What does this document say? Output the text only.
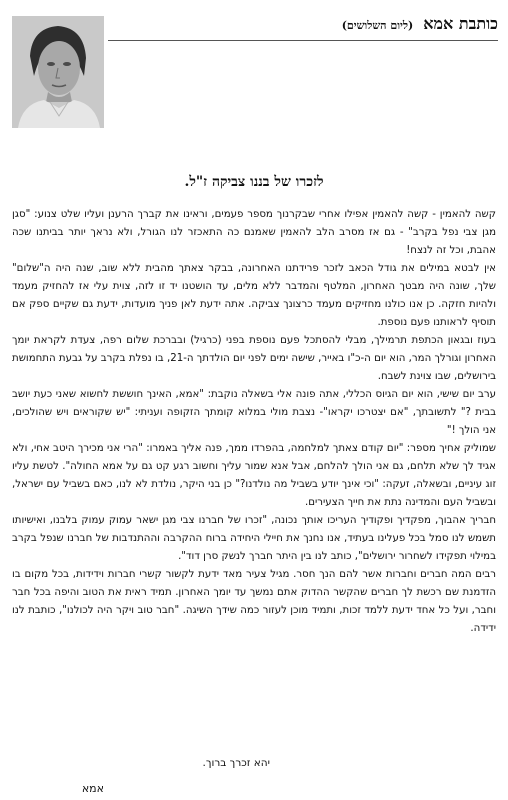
כותבת אמא
(ליום השלושים)
לזכרו של בננו צביקה ז"ל.

קשה להאמין - קשה להאמין אפילו אחרי שבקרנוך מספר פעמים, וראינו את קברך הרענן ועליו שלט צנוע: "סגן מגן צבי נפל בקרב" - גם אז מסרב הלב להאמין שאמנם כה התאכזר לנו הגורל, ולא נראך יותר בביתנו שכה אהבת, וכל זה לנצח!

אין לבטא במילים את גודל הכאב לזכר פרידתנו האחרונה, בבקר צאתך מהבית ללא שוב, שנה היה ה"שלום" שלך, שונה היה מבטך האחרון, המלטף והמדבר ללא מלים, עד הושטנו יד זו לזה, צוית עלי אז להחזיק מעמד ולהיות חזקה. כן אנו כולנו מחזיקים מעמד כרצונך צביקה. אתה ידעת לאן פניך מועדות, ידעת גם שקיים ספק אם תוסיף לראותנו פעם נוספת.

בעוז ובגאון הכתפת תרמילך, מבלי להסתכל פעם נוספת בפני (כרגיל) ובברכת שלום רפה, צעדת לקראת יומך האחרון וגורלך המר, הוא יום ה-כ"ו באייר, שישה ימים לפני יום הולדתך ה-21, בו נפלת בקרב על גבעת התחמושת בירושלים, שבו צוינת לשבח.

ערב יום שישי, הוא יום הגיוס הכללי, אתה פונה אלי בשאלה נוקבת: "אמא, האינך חוששת לחשוא שאני כעת יושב בבית ?" לתשובתך, "אם יצטרכו יקראו"- נצבת מולי במלוא קומתך הזקופה ועניתי: "יש שקוראים ויש שהולכים, אני הולך !"

שמוליק אחיך מספר: "יום קודם צאתך למלחמה, בהפרדו ממך, פנה אליך באמרו: "הרי אני מכירך היטב אחי, ולא אגיד לך שלא תלחם, גם אני הולך להלחם, אבל אנא שמור עליך וחשוב רגע קט גם על אמא החולה". לטשת עליו זוג עיניים, ובשאלה, זעקה: "וכי אינך יודע בשביל מה נולדנו?" כן בני היקר, נולדת לא לנו, כאם בשביל עם ישראל, ובשביל העם והמדינה נתת את חייך הצעירים.

חבריך אהבוך, מפקדיך ופקודיך העריכו אותך נכונה, "זכרו של חברנו צבי מגן ישאר עמוק עמוק בלבנו, ואישיותו תשמש לנו סמל בכל פעלינו בעתיד, אנו נחנך את חיילי היחידה ברוח ההקרבה וההתנדבות של חברנו שנפל בקרב במילוי תפקידו לשחרור ירושלים", כותב לנו בין היתר חברך לנשק סרן דוד".

רבים המה חברים וחברות אשר להם הנך חסר. מגיל צעיר מאד ידעת לקשור קשרי חברות וידידות, בכל מקום בו הזדמנת שם רכשת לך חברים שהקשר ההדוק אתם נמשך עד יומך האחרון. תמיד ראית את הטוב והיפה בכל חבר וחבר, ועל כל אחד ידעת ללמד זכות, ותמיד מוכן לעזור כמה שידך השיגה. "חבר טוב ויקר היה לכולנו", כותבת לנו ידידה.

יהא זכרך ברוך.
אמא
